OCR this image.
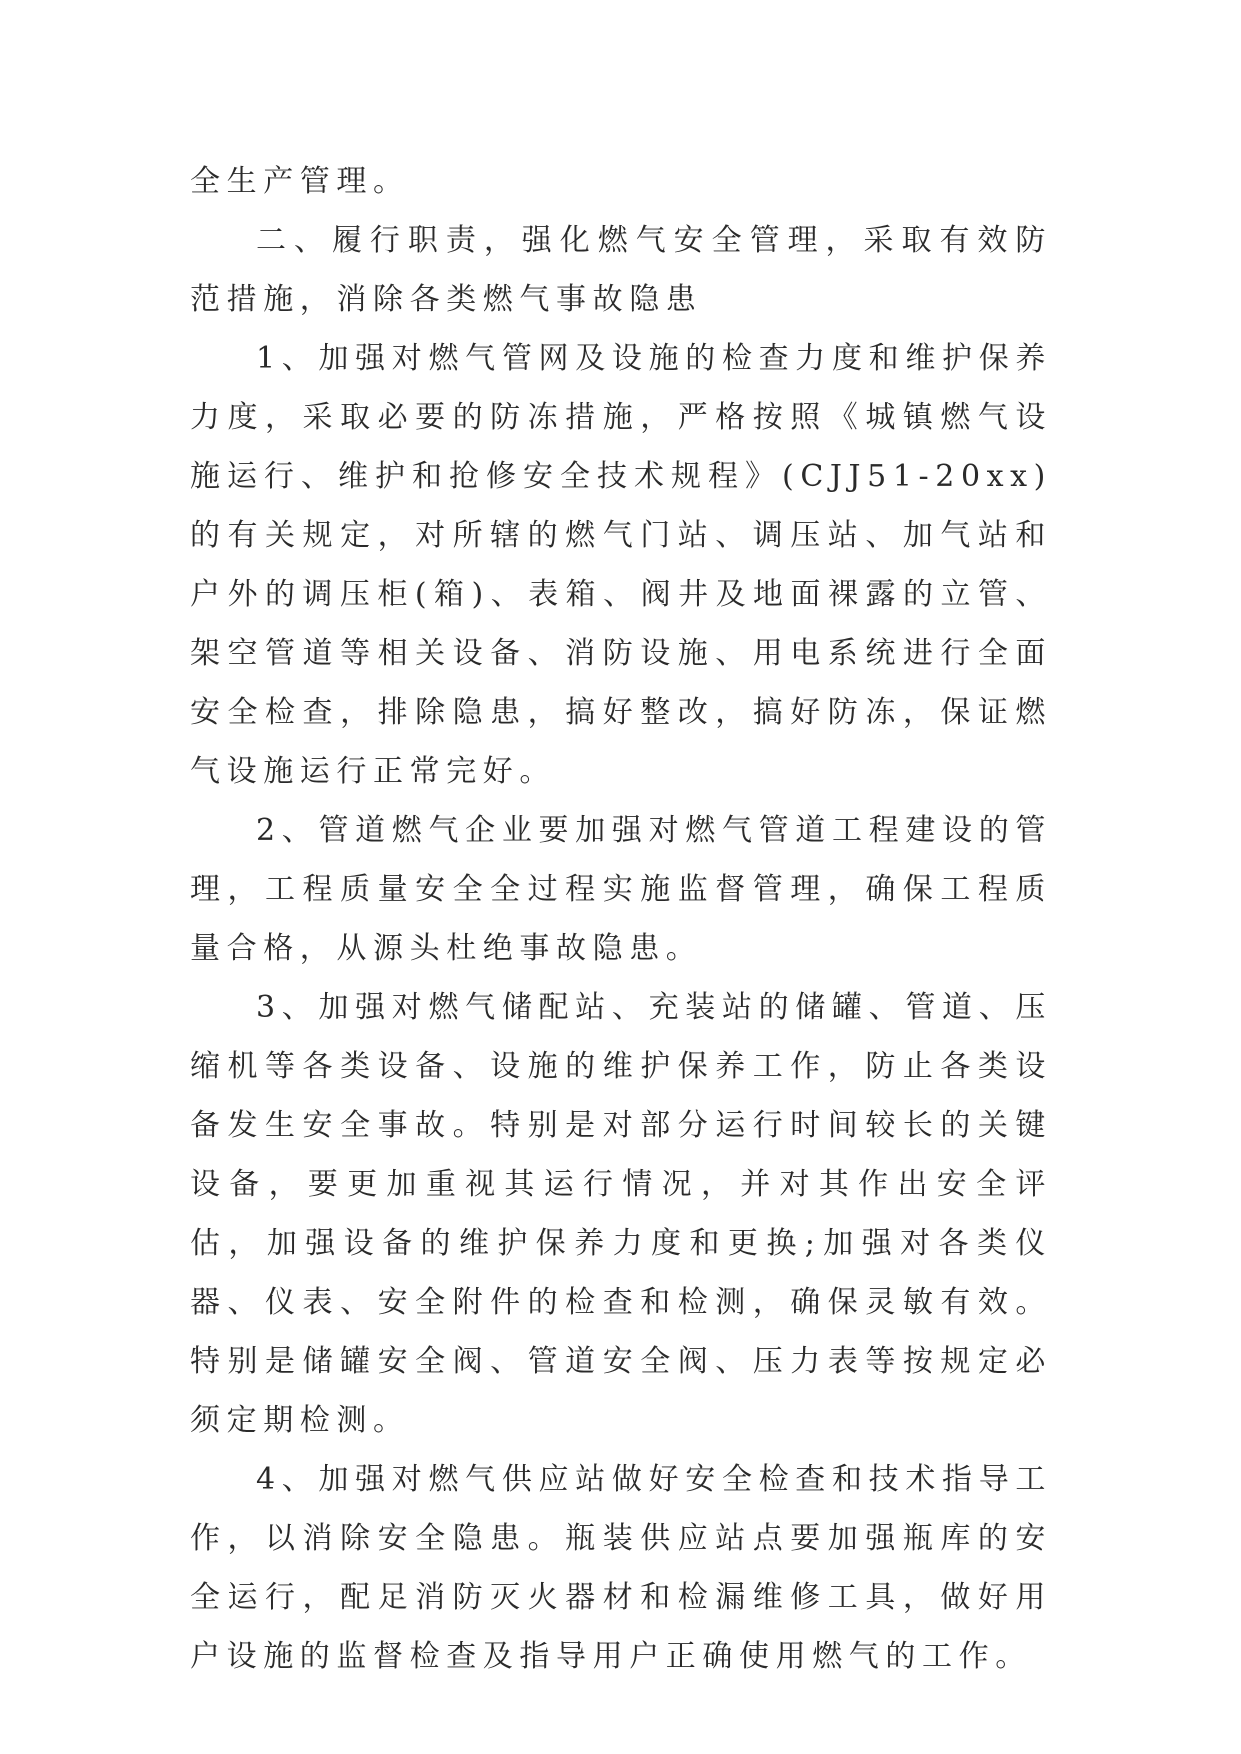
全生产管理。

二、履行职责，强化燃气安全管理，采取有效防范措施，消除各类燃气事故隐患

1、加强对燃气管网及设施的检查力度和维护保养力度，采取必要的防冻措施，严格按照《城镇燃气设施运行、维护和抢修安全技术规程》(CJJ51-20xx)的有关规定，对所辖的燃气门站、调压站、加气站和户外的调压柜(箱)、表箱、阀井及地面裸露的立管、架空管道等相关设备、消防设施、用电系统进行全面安全检查，排除隐患，搞好整改，搞好防冻，保证燃气设施运行正常完好。

2、管道燃气企业要加强对燃气管道工程建设的管理，工程质量安全全过程实施监督管理，确保工程质量合格，从源头杜绝事故隐患。

3、加强对燃气储配站、充装站的储罐、管道、压缩机等各类设备、设施的维护保养工作，防止各类设备发生安全事故。特别是对部分运行时间较长的关键设备，要更加重视其运行情况，并对其作出安全评估，加强设备的维护保养力度和更换;加强对各类仪器、仪表、安全附件的检查和检测，确保灵敏有效。特别是储罐安全阀、管道安全阀、压力表等按规定必须定期检测。

4、加强对燃气供应站做好安全检查和技术指导工作，以消除安全隐患。瓶装供应站点要加强瓶库的安全运行，配足消防灭火器材和检漏维修工具，做好用户设施的监督检查及指导用户正确使用燃气的工作。
